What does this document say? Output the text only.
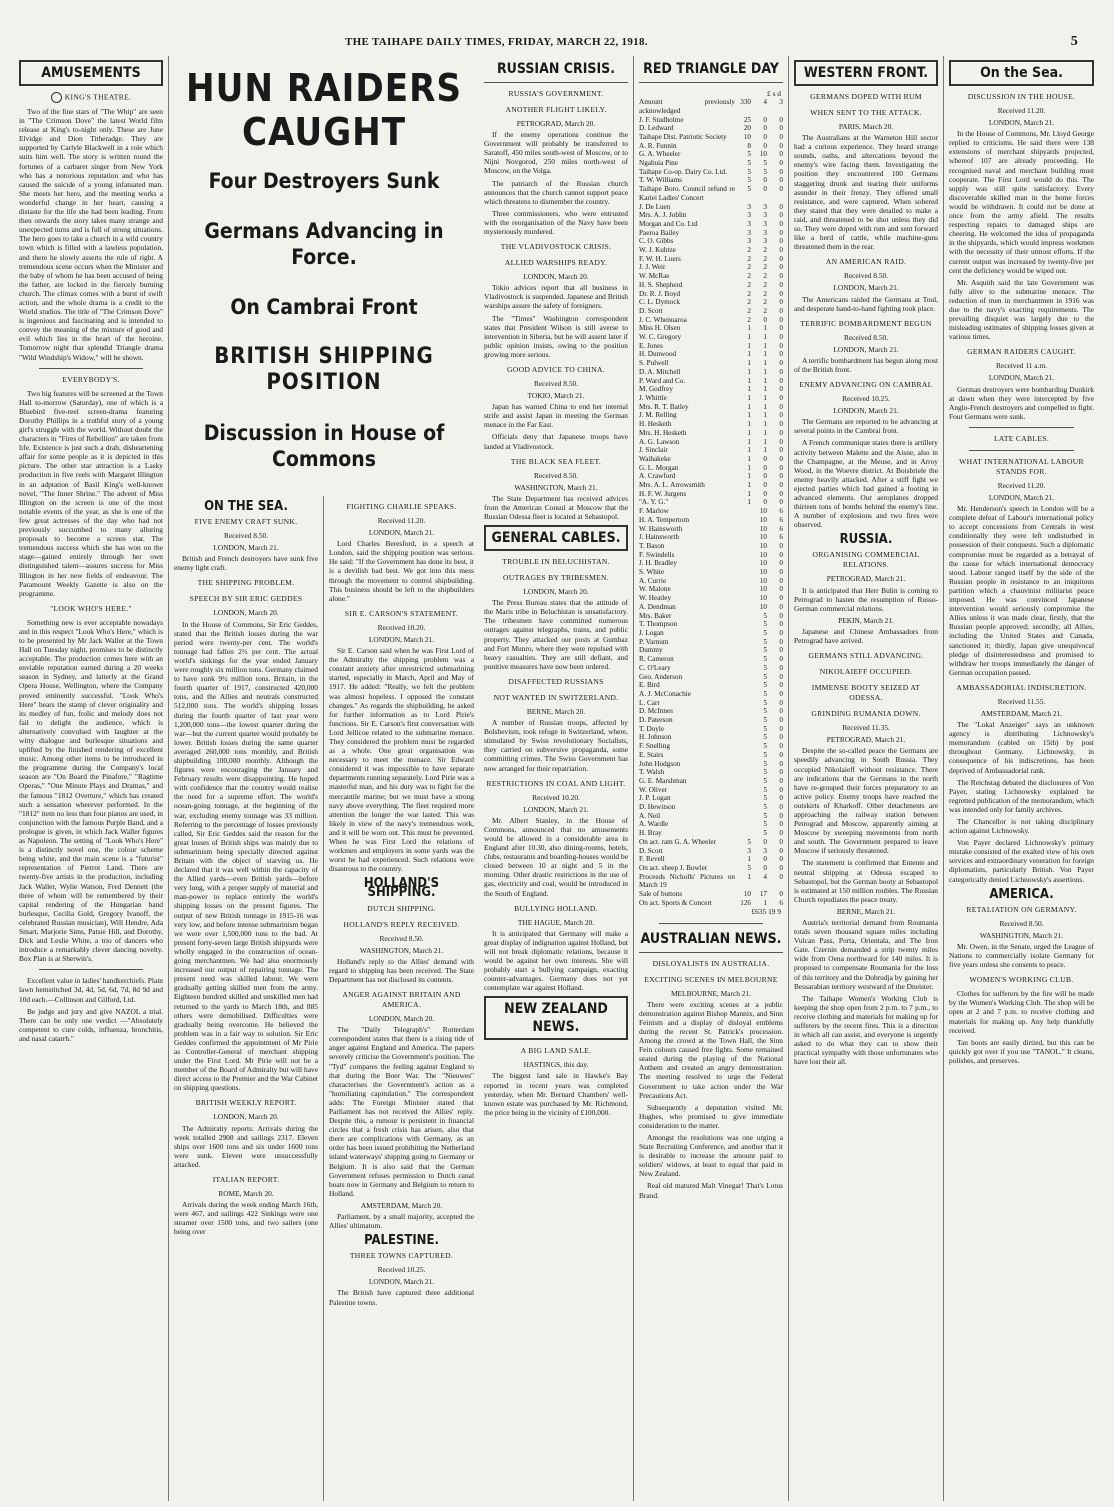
THE TAIHAPE DAILY TIMES, FRIDAY, MARCH 22, 1918.	5
AMUSEMENTS
KING'S THEATRE.

Two of the fine stars of "The Whip" are seen in "The Crimson Dove" the latest World film release at King's to-night only. These are June Elvidge and Dion Titheradge. They are supported by Carlyle Blackwell in a role which suits him well. The story is written round the fortunes of a carbaret singer from New York who has a notorious reputation and who has caused the suicide of a young infatuated man. She meets her hero, and the meeting works a wonderful change in her heart, causing a distaste for the life she had been leading. From then onwards the story takes many strange and unexpected turns and is full of strong situations. The hero goes to take a church in a wild country town which is filled with a lawless population, and there he slowly asserts the rule of right. A tremendous scene occurs when the Minister and the baby of whom he has been accused of being the father, are locked in the fiercely burning church. The climax comes with a burst of swift action, and the whole drama is a credit to the World studios. The title of "The Crimson Dove" is ingenious and fascinating and is intended to convey the meaning of the mixture of good and evil which lies in the heart of the heroine. Tomorrow night that splendid Triangle drama "Wild Windship's Widow," will be shown.

EVERYBODY'S.

Two big features will be screened at the Town Hall to-morrow (Saturday), one of which is a Bluebird five-reel screen-drama featuring Dorothy Phillips in a truthful story of a young girl's struggle with the world. Without doubt the characters in "Fires of Rebellion" are taken from life. Existence is just such a drab, disheartening affair for some people as it is depicted in this picture. The other star attraction is a Lasky production in five reels with Margaret Illington in an adptation of Basil King's well-known novel, "The Inner Shrine." The advent of Miss Illington on the screen is one of the most notable events of the year, as she is one of the few great actresses of the day who had not previously succumbed to many alluring proposals to become a screen star. The tremendous success which she has won on the stage—gained entirely through her own distinguished talent—assures success for Miss Illington in her new fields of endeavour. The Paramount Weekly Gazette is also on the programme.

"LOOK WHO'S HERE."

Something new is ever acceptable nowadays and in this respect "Look Who's Here," which is to be presented by Mr Jack Waller at the Town Hall on Tuesday night, promises to be distinctly acceptable. The production comes here with an enviable reputation earned during a 20 weeks season in Sydney, and latterly at the Grand Opera House, Wellington, where the Company proved eminently successful. "Look Who's Here" bears the stamp of clever originality and its medley of fun, frolic and melody does not fail to delight the audience, which is alternatively convulsed with laughter at the witty dialogue and burlesque situations and uplifted by the finished rendering of excellent music. Among other items to be introduced in the programme during the Company's local season are "On Board the Pinafore," "Ragtime Operas," "One Minute Plays and Dramas," and the famous "1812 Overture," which has created such a sensation wherever performed. In the "1812" item no less than four pianos are used, in conjunction with the famous Purple Band, and a prologue is given, in which Jack Waller figures as Napoleon. The setting of "Look Who's Here" is a distinctly novel one, the colour scheme being white, and the main scene is a "futurist" representation of Pierrot Land. There are twenty-five artists in the production, including Jack Waller, Wylie Watson, Fred Dennett (the three of whom will be remembered by their capital rendering of the Hungarian band burlesque, Cecilia Gold, Gregory Ivanoff, the celebrated Russian musician), Will Hendre, Ada Smart, Marjorie Sims, Patsie Hill, and Dorothy, Dick and Leslie White, a trio of dancers who introduce a remarkably clever dancing novelty. Box Plan is at Sherwin's.

Excellent value in ladies' handkerchiefs. Plain lawn hemstitched 3d, 4d, 5d, 6d, 7d, 8d 9d and 10d each.—Collinson and Gilford, Ltd.

Be judge and jury and give NAZOL a trial. There can be only one verdict —"Absolutely competent to cure colds, influenza, bronchitis, and nasal catarrh."

HUN RAIDERS CAUGHT
Four Destroyers Sunk
Germans Advancing in Force.
On Cambrai Front
BRITISH SHIPPING POSITION
Discussion in House of Commons
ON THE SEA.
FIVE ENEMY CRAFT SUNK.
Received 8.50.
LONDON, March 21.

British and French destroyers have sunk five enemy light craft.

THE SHIPPING PROBLEM.
SPEECH BY SIR ERIC GEDDES
LONDON, March 20.

In the House of Commons, Sir Eric Geddes, stated that the British losses during the war period were twenty-per cent. The world's tonnage had fallen 2½ per cent. The actual world's sinkings for the year ended January were roughly six million tons. Germany claimed to have sunk 9½ million tons. Britain, in the fourth quarter of 1917, constructed 420,000 tons, and the Allies and neutrals constructed 512,000 tons. The world's shipping losses during the fourth quarter of last year were 1,200,000 tons—the lowest quarter during the war—but the current quarter would probably be lower. British losses during the same quarter averaged 260,000 tons monthly, and British shipbuilding 100,000 monthly. Although the figures were encouraging the January and February results were disappointing. He hoped with confidence that the country would realise the need for a supreme effort. The world's ocean-going tonnage, at the beginning of the war, excluding enemy tonnage was 33 million. Referring to the percentage of losses previously called, Sir Eric Geddes said the reason for the great losses of British ships was mainly due to submarinism being specially directed against Britain with the object of starving us. He declared that it was well within the capacity of the Allied yards—even British yards—before very long, with a proper supply of material and man-power to replace entirely the world's shipping losses on the present figures. The output of new British tonnage in 1915-16 was very low, and before intense submarinism began we were over 1,500,000 tons to the bad. At present forty-seven large British shipyards were wholly engaged in the construction of ocean-going merchantmen. We had also enormously increased our output of repairing tonnage. The present need was skilled labour. We were gradually getting skilled men from the army. Eighteen hundred skilled and unskilled men had returned to the yards to March 18th, and 885 others were demobilised. Difficulties were gradually being overcome. He believed the problem was in a fair way to solution. Sir Eric Geddes confirmed the appointment of Mr Pirie as Controller-General of merchant shipping under the First Lord. Mr Pirie will not be a member of the Board of Admiralty but will have direct access to the Premier and the War Cabinet on shipping questions.

BRITISH WEEKLY REPORT.
LONDON, March 20.

The Admiralty reports: Arrivals during the week totalled 2908 and sailings 2317. Eleven ships over 1600 tons and six under 1600 tons were sunk. Eleven were unsuccessfully attacked.

ITALIAN REPORT.
ROME, March 20.

Arrivals during the week ending March 16th, were 467, and sailings 422 Sinkings were one steamer over 1500 tons, and two sailers (one being over

FIGHTING CHARLIE SPEAKS.
Received 11.20.
LONDON, March 21.

Lord Charles Beresford, in a speech at London, said the shipping position was serious. He said: "If the Government has done its best, it is a devilish bad best. We got into this mess through the movement to control shipbuilding. This business should be left to the shipbuilders alone."

SIR E. CARSON'S STATEMENT.
Received 10.20.
LONDON, March 21.

Sir E. Carson said when he was First Lord of the Admiralty the shipping problem was a constant anxiety after unrestricted submarining started, especially in March, April and May of 1917. He added: "Really, we felt the problem was almost hopeless. I opposed the constant changes." As regards the shipbuilding, he asked for further information as to Lord Pirie's functions. Sir E. Carson's first conversation with Lord Jellicoe related to the submarine menace. They considered the problem must be regarded as a whole. One great organisation was necessary to meet the menace. Sir Edward considered it was impossible to have separate departments running separately. Lord Pirie was a masterful man, and his duty was to fight for the mercantile marine; but we must have a strong navy above everything. The fleet required more attention the longer the war lasted. This was likely in view of the navy's tremendous work, and it will be worn out. This must be prevented. When he was First Lord the relations of workmen and employers in some yards was the worst he had experienced. Such relations were disastrous to the country.

HOLLAND'S SHIPPING.
DUTCH SHIPPING.
HOLLAND'S REPLY RECEIVED.
Received 8.50.
WASHINGTON, March 21.

Holland's reply to the Allies' demand with regard to shipping has been received. The State Department has not disclosed its contents.

ANGER AGAINST BRITAIN AND AMERICA.
LONDON, March 20.

The "Daily Telegraph's" Rotterdam correspondent states that there is a rising tide of anger against England and America. The papers severely criticise the Government's position. The "Tyd" compares the feeling against England to that during the Boer War. The "Nieuwes" characterises the Government's action as a "humiliating capitulation." The correspondent adds: The Foreign Minister stated that Parliament has not received the Allies' reply. Despite this, a rumour is persistent in financial circles that a fresh crisis has arisen, also that there are complications with Germany, as an order has been issued prohibiting the Netherland inland waterways' shipping going to Germany or Belgium. It is also said that the German Government refuses permission to Dutch canal boats now in Germany and Belgium to return to Holland.

AMSTERDAM, March 20.

Parliament, by a small majority, accepted the Allies' ultimatum.

PALESTINE.
THREE TOWNS CAPTURED.
Received 10.25.
LONDON, March 21.

The British have captured three additional Palestine towns.

RUSSIAN CRISIS.
RUSSIA'S GOVERNMENT.
ANOTHER FLIGHT LIKELY.
PETROGRAD, March 20.

If the enemy operations continue the Government will probably be transferred to Saratoff, 450 miles south-west of Moscow, or to Nijni Novgorod, 250 miles north-west of Moscow, on the Volga.

The patriarch of the Russian church announces that the church cannot support peace which threatens to dismember the country.

Three commissioners, who were entrusted with the reorganisation of the Navy have been mysteriously murdered.

THE VLADIVOSTOCK CRISIS.
ALLIED WARSHIPS READY.
LONDON, March 20.

Tokio advices report that all business in Vladivostock is suspended. Japanese and British warships assure the safety of foreigners.

The "Times" Washington correspondent states that President Wilson is still averse to intervention in Siberia, but he will assent later if public opinion insists, owing to the position growing more serious.

GOOD ADVICE TO CHINA.
Received 8.50.
TOKIO, March 21.

Japan has warned China to end her internal strife and assist Japan in meeting the German menace in the Far East.

Officials deny that Japanese troops have landed at Vladivostock.

THE BLACK SEA FLEET.
Received 8.50.
WASHINGTON, March 21.

The State Department has received advices from the American Consul at Moscow that the Russian Odessa fleet is located at Sebastopol.

GENERAL CABLES.
TROUBLE IN BELUCHISTAN.
OUTRAGES BY TRIBESMEN.
LONDON, March 20.

The Press Bureau states that the attitude of the Maris tribe in Beluchistan is unsatisfactory. The tribesmen have committed numerous outrages against telegraphs, trains, and public property. They attacked our posts at Gumbaz and Fort Munro, where they were repulsed with heavy casualties. They are still defiant, and punitive measures have now been ordered.

DISAFFECTED RUSSIANS
NOT WANTED IN SWITZERLAND.
BERNE, March 20.

A number of Russian troops, affected by Bolshevism, took refuge in Switzerland, where, stimulated by Swiss revolutionary Socialists, they carried on subversive propaganda, some committing crimes. The Swiss Government has now arranged for their repatriation.

RESTRICTIONS IN COAL AND LIGHT.
Received 10.20.
LONDON, March 21.

Mr. Albert Stanley, in the House of Commons, announced that no amusements would be allowed in a considerable area in England after 10.30, also dining-rooms, hotels, clubs, restaurants and boarding-houses would be closed between 10 at night and 5 in the morning. Other drastic restrictions in the use of gas, electricity and coal, would be introduced in the South of England.

BULLYING HOLLAND.
THE HAGUE, March 20.

It is anticipated that Germany will make a great display of indignation against Holland, but will not break diplomatic relations, because it would be against her own interests. She will probably start a bullying campaign, exacting counter-advantages. Germany does not yet contemplate war against Holland.

NEW ZEALAND NEWS.
A BIG LAND SALE.
HASTINGS, this day.

The biggest land sale in Hawke's Bay reported in recent years was completed yesterday, when Mr. Bernard Chambers' well-known estate was purchased by Mr. Richmond, the price being in the vicinity of £100,000.

RED TRIANGLE DAY
£ s d
Amount previously acknowledged	330	4	3
J. F. Studholme	25	0	0
D. Ledward	20	0	0
Taihape Dist. Patriotic Society	10	0	0
A. R. Funnin	8	0	0
G. A. Wheeler	5	10	0
Ngahuia Pine	5	5	0
Taihape Co-op. Dairy Co. Ltd.	5	5	0
T. W. Williams	5	0	0
Taihape Boro. Council refund re Kariei Ladies' Concert	5	0	0
J. De Luen	3	3	0
Mrs. A. J. Joblin	3	3	0
Morgan and Co. Ltd	3	3	0
Paeroa Bailey	3	3	0
C. O. Gibbs	3	3	0
W. J. Kuhtze	2	2	0
F. W. H. Luers	2	2	0
J. J. Weir	2	2	0
W. McRae	2	2	0
H. S. Shepherd	2	2	0
Dr. R. J. Boyd	2	2	0
C. L. Dymock	2	2	0
D. Scott	2	2	0
J. C. Whenuaroa	2	0	0
Miss H. Olsen	1	1	0
W. C. Gregory	1	1	0
E. Jones	1	1	0
H. Dunwood	1	1	0
S. Pulwell	1	1	0
D. A. Mitchell	1	1	0
P. Ward and Co.	1	1	0
M. Godfrey	1	1	0
J. Whittle	1	1	0
Mrs. R. T. Batley	1	1	0
J. M. Relling	1	1	0
H. Hesketh	1	1	0
Mrs. H. Hesketh	1	1	0
A. G. Lawson	1	1	0
J. Sinclair	1	1	0
Waihakeke	1	0	0
G. L. Morgan	1	0	0
A. Crawford	1	0	0
Mrs. A. L. Arrowsmith	1	0	0
H. F. W. Jurgens	1	0	0
"A. Y. G."	1	0	0
F. Marlow		10	6
H. A. Tempertom		10	6
W. Hainsworth		10	6
J. Hainsworth		10	6
T. Bason		10	0
F. Swindells		10	0
J. H. Bradley		10	0
S. White		10	0
A. Currie		10	0
W. Malone		10	0
W. Heatley		10	0
A. Dendman		10	0
Mrs. Baker		5	0
T. Thompson		5	0
J. Logan		5	0
P. Varnum		5	0
Dummy		5	0
R. Cameron		5	0
C. O'Leary		5	0
Geo. Anderson		5	0
E. Bird		5	0
A. J. McConachie		5	0
L. Carr		5	0
D. McInnes		5	0
D. Paterson		5	0
T. Doyle		5	0
H. Johnson		5	0
F. Snelling		5	0
E. Stairs		5	0
John Hodgson		5	0
T. Walsh		5	0
G. E. Marshman		5	0
W. Oliver		5	0
J. P. Logan		5	0
D. Hewitson		5	0
A. Neil		5	0
A. Wardle		5	0
H. Bray		5	0
On act. ram G. A. Wheeler	5	0	0
D. Scott	3	3	0
F. Revell	1	0	0
On act. sheep J. Bowler	5	0	0
Proceeds Nicholls' Pictures on March 19	1	4	0
Sale of buttons	10	17	0
On act. Sports & Concert	126	1	6
£635 19 9
AUSTRALIAN NEWS.
DISLOYALISTS IN AUSTRALIA.
EXCITING SCENES IN MELBOURNE
MELBOURNE, March 21.

There were exciting scenes at a public demonstration against Bishop Mannix, and Sinn Feinism and a display of disloyal emblems during the recent St. Patrick's procession. Among the crowd at the Town Hall, the Sinn Fein colours caused free fights. Some remained seated during the playing of the National Anthem and created an angry demonstration. The meeting resolved to urge the Federal Government to take action under the War Precautions Act.

Subsequently a deputation visited Mr. Hughes, who promised to give immediate consideration to the matter.

Amongst the resolutions was one urging a State Recruiting Conference, and another that it is desirable to increase the amount paid to soldiers' widows, at least to equal that paid in New Zealand.

Real old matured Malt Vinegar! That's Lotus Brand.

WESTERN FRONT.
GERMANS DOPED WITH RUM
WHEN SENT TO THE ATTACK.
PARIS, March 20.

The Australians at the Warneton Hill sector had a curious experience. They heard strange sounds, oaths, and altercations beyond the enemy's wire facing them. Investigating the position they encountered 100 Germans staggering drunk and tearing their uniforms asunder in their frenzy. They offered small resistance, and were captured. When sobered they stated that they were detailed to make a raid, and threatened to be shot unless they did so. They were doped with rum and sent forward like a herd of cattle, while machine-guns threatened them in the rear.

AN AMERICAN RAID.
Received 8.50.
LONDON, March 21.

The Americans raided the Germans at Toul, and desperate hand-to-hand fighting took place.

TERRIFIC BOMBARDMENT BEGUN
Received 8.50.
LONDON, March 21.

A terrific bombardment has begun along most of the British front.

ENEMY ADVANCING ON CAMBRAI.
Received 10.25.
LONDON, March 21.

The Germans are reported to be advancing at several points in the Cambrai front.

A French communique states there is artillery activity between Malette and the Aisne, also in the Champagne, at the Meuse, and in Arroy Wood, in the Woevre district. At Boisbriele the enemy heavily attacked. After a stiff fight we ejected parties which had gained a footing in advanced elements. Our aeroplanes dropped thirteen tons of bombs behind the enemy's line. A number of explosions and two fires were observed.

RUSSIA.
ORGANISING COMMERCIAL RELATIONS.
PETROGRAD, March 21.

It is anticipated that Herr Bulin is coming to Petrograd to hasten the resumption of Russo-German commercial relations.

PEKIN, March 21.

Japanese and Chinese Ambassadors from Petrograd have arrived.

GERMANS STILL ADVANCING.
NIKOLAIEFF OCCUPIED.
IMMENSE BOOTY SEIZED AT ODESSA.
GRINDING RUMANIA DOWN.
Received 11.35.
PETROGRAD, March 21.

Despite the so-called peace the Germans are speedily advancing in South Russia. They occupied Nikolaieff without resistance. There are indications that the Germans in the north have re-grouped their forces preparatory to an active policy. Enemy troops have reached the outskirts of Kharkoff. Other detachments are approaching the railway station between Petrograd and Moscow, apparently aiming at Moscow by sweeping movements from north and south. The Government prepared to leave Moscow if seriously threatened.

The statement is confirmed that Entente and neutral shipping at Odessa escaped to Sebastopol, but the German booty at Sebastopol is estimated at 150 million roubles. The Russian Church repudiates the peace treaty.

BERNE, March 21.

Austria's territorial demand from Roumania totals seven thousand square miles including Vulcan Pass, Porta, Orientala, and The Iron Gate. Czernin demanded a strip twenty miles wide from Oena northward for 140 miles. It is proposed to compensate Roumania for the loss of this territory and the Dobrudja by gaining her Bessarabian territory westward of the Dneister.

The Taihape Women's Working Club is keeping the shop open from 2 p.m. to 7 p.m., to receive clothing and materials for making up for sufferers by the recent fires. This is a direction in which all can assist, and everyone is urgently asked to do what they can to show their practical sympathy with those unfortunates who have lost their all.

On the Sea.
DISCUSSION IN THE HOUSE.
Received 11.20.
LONDON, March 21.

In the House of Commons, Mr. Lloyd George replied to criticisms. He said there were 138 extensions of merchant shipyards projected, whereof 107 are already proceeding. He recognised naval and merchant building must cooperate. The First Lord would do this. The supply was still quite satisfactory. Every discoverable skilled man in the home forces would be withdrawn. It could not be done at once from the army afield. The results respecting repairs to damaged ships are cheering. He welcomed the idea of propaganda in the shipyards, which would impress workmen with the necessity of their utmost efforts. If the current output was increased by twenty-five per cent the deficiency would be wiped out.

Mr. Asquith said the late Government was fully alive to the submarine menace. The reduction of men in merchantmen in 1916 was due to the navy's exacting requirements. The prevailing disquiet was largely due to the misleading estimates of shipping losses given at various times.

GERMAN RAIDERS CAUGHT.
Received 11 a.m.
LONDON, March 21.

German destroyers were bombarding Dunkirk at dawn when they were intercepted by five Anglo-French destroyers and compelled to fight. Four Germans were sunk.

LATE CABLES.
WHAT INTERNATIONAL LABOUR STANDS FOR.
Received 11.20.
LONDON, March 21.

Mr. Henderson's speech in London will be a complete defeat of Labour's international policy to accept concessions from Centrals in west conditionally they were left undisturbed in possession of their conquests. Such a diplomatic compromise must be regarded as a betrayal of the cause for which international democracy stood. Labour ranged itself by the side of the Russian people in resistance to an iniquitous partition which a chauvinist militarist peace imposed. He was convinced Japanese intervention would seriously compromise the Allies unless it was made clear, firstly, that the Russian people approved; secondly, all Allies, including the United States and Canada, sanctioned it; thirdly, Japan give unequivocal pledge of disinterestedness and promised to withdraw her troops immediately the danger of German occupation passed.

AMBASSADORIAL INDISCRETION.
Received 11.55.
AMSTERDAM, March 21.

The "Lokal Anzeiger" says an unknown agency is distributing Lichnowsky's memorandum (cabled on 15th) by post throughout Germany. Lichnowsky, in consequence of his indiscretions, has been deprived of Ambassadorial rank.

The Reichstag debated the disclosures of Von Payer, stating Lichnowsky explained he regretted publication of the memorandum, which was intended only for family archives.

The Chancellor is not taking disciplinary action against Lichnowsky.

Von Payer declared Lichnowsky's primary mistake consisted of the exalted view of his own services and extraordinary veneration for foreign diplomatists, particularly British. Von Payer categorically denied Lichnowsky's assertions.

AMERICA.
RETALIATION ON GERMANY.
Received 8.50.
WASHINGTON, March 21.

Mr. Owen, in the Senate, urged the League of Nations to commercially isolate Germany for five years unless she consents to peace.

WOMEN'S WORKING CLUB.

Clothes for sufferers by the fire will be made by the Women's Working Club. The shop will be open at 2 and 7 p.m. to receive clothing and materials for making up. Any help thankfully received.

Tan boots are easily dirtied, but this can be quickly got over if you use "TANOL." It cleans, polishes, and preserves.
